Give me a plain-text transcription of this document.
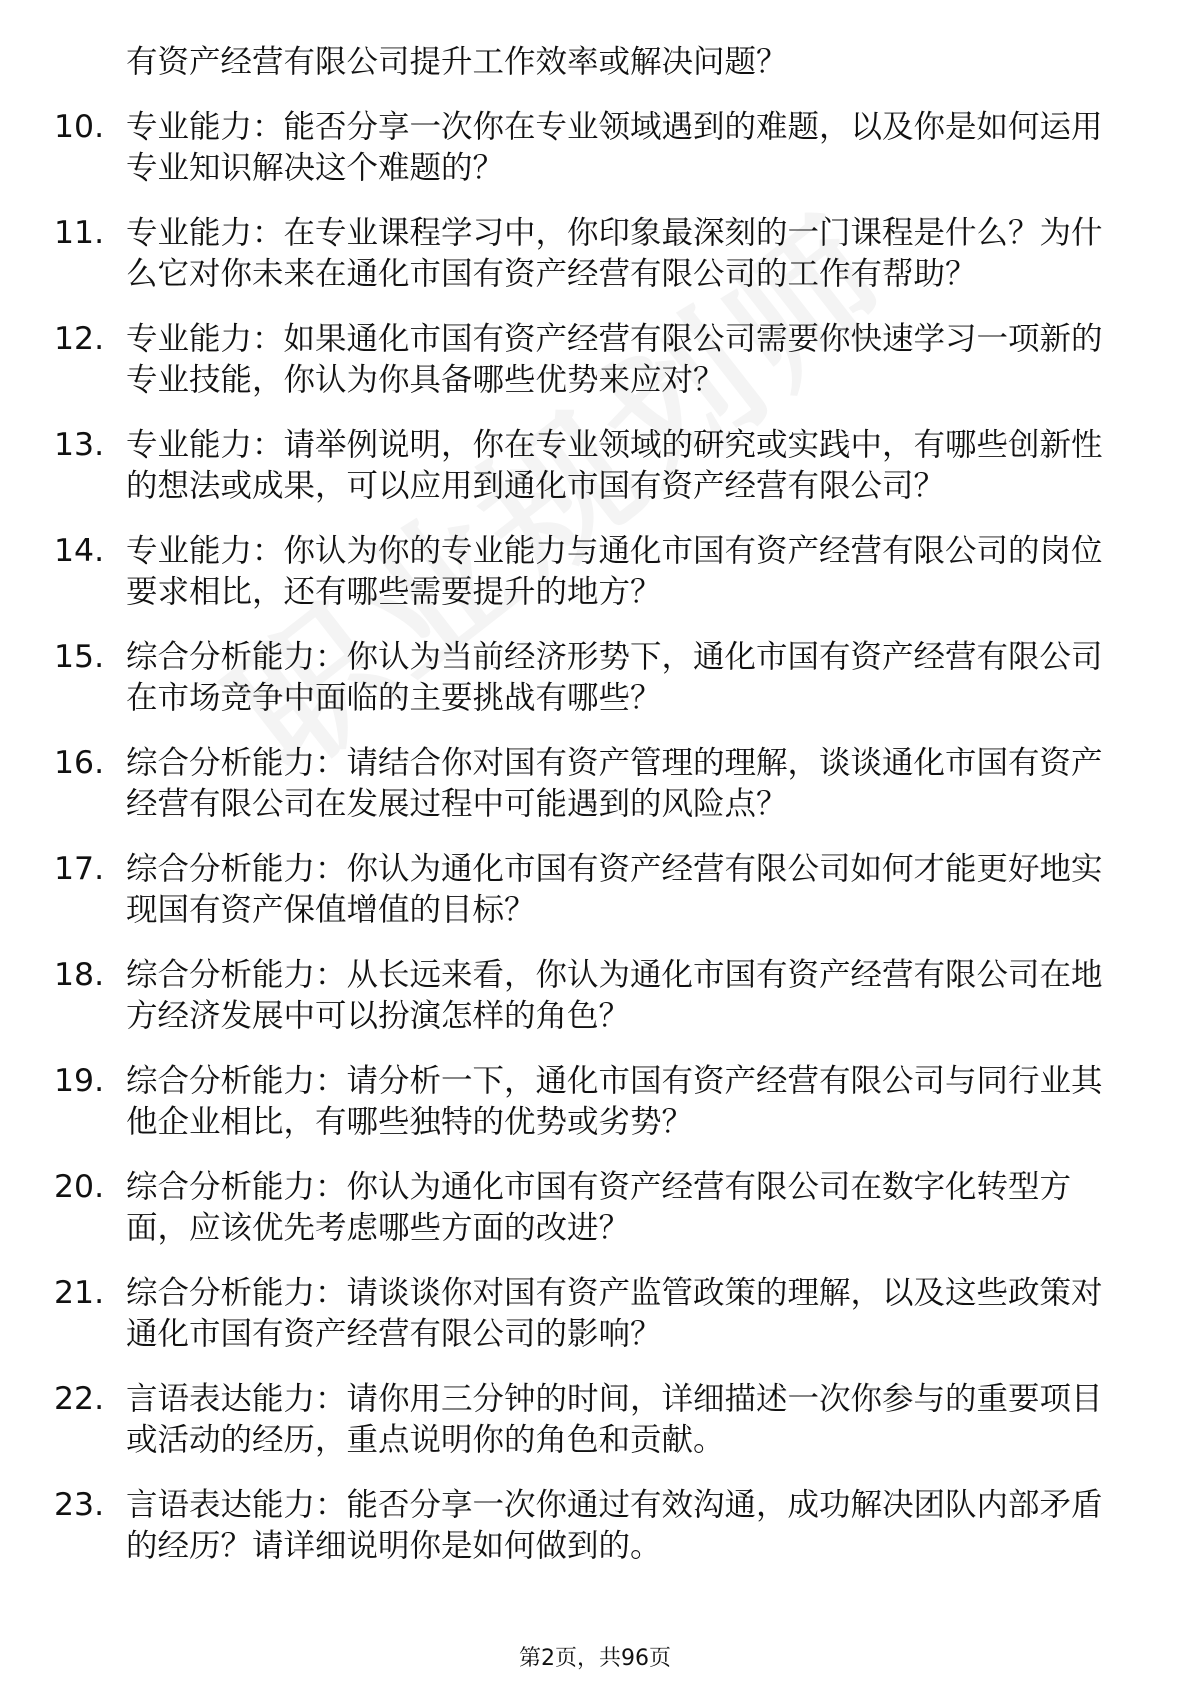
有资产经营有限公司提升工作效率或解决问题？
10. 专业能力：能否分享一次你在专业领域遇到的难题，以及你是如何运用专业知识解决这个难题的？
11. 专业能力：在专业课程学习中，你印象最深刻的一门课程是什么？为什么它对你未来在通化市国有资产经营有限公司的工作有帮助？
12. 专业能力：如果通化市国有资产经营有限公司需要你快速学习一项新的专业技能，你认为你具备哪些优势来应对？
13. 专业能力：请举例说明，你在专业领域的研究或实践中，有哪些创新性的想法或成果，可以应用到通化市国有资产经营有限公司？
14. 专业能力：你认为你的专业能力与通化市国有资产经营有限公司的岗位要求相比，还有哪些需要提升的地方？
15. 综合分析能力：你认为当前经济形势下，通化市国有资产经营有限公司在市场竞争中面临的主要挑战有哪些？
16. 综合分析能力：请结合你对国有资产管理的理解，谈谈通化市国有资产经营有限公司在发展过程中可能遇到的风险点？
17. 综合分析能力：你认为通化市国有资产经营有限公司如何才能更好地实现国有资产保值增值的目标？
18. 综合分析能力：从长远来看，你认为通化市国有资产经营有限公司在地方经济发展中可以扮演怎样的角色？
19. 综合分析能力：请分析一下，通化市国有资产经营有限公司与同行业其他企业相比，有哪些独特的优势或劣势？
20. 综合分析能力：你认为通化市国有资产经营有限公司在数字化转型方面，应该优先考虑哪些方面的改进？
21. 综合分析能力：请谈谈你对国有资产监管政策的理解，以及这些政策对通化市国有资产经营有限公司的影响？
22. 言语表达能力：请你用三分钟的时间，详细描述一次你参与的重要项目或活动的经历，重点说明你的角色和贡献。
23. 言语表达能力：能否分享一次你通过有效沟通，成功解决团队内部矛盾的经历？请详细说明你是如何做到的。
第2页，共96页
